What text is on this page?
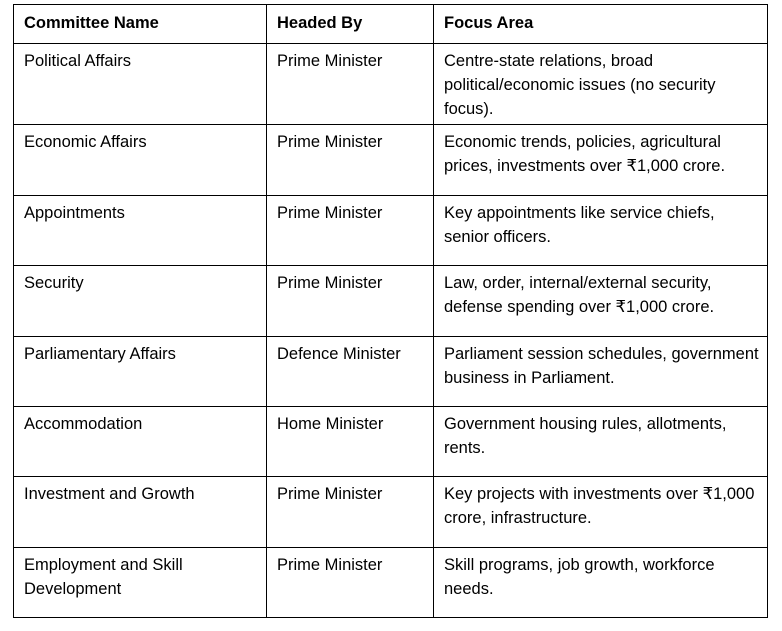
Committee Name	Headed By	Focus Area
Political Affairs	Prime Minister	Centre-state relations, broad political/economic issues (no security focus).
Economic Affairs	Prime Minister	Economic trends, policies, agricultural prices, investments over ₹1,000 crore.
Appointments	Prime Minister	Key appointments like service chiefs, senior officers.
Security	Prime Minister	Law, order, internal/external security, defense spending over ₹1,000 crore.
Parliamentary Affairs	Defence Minister	Parliament session schedules, government business in Parliament.
Accommodation	Home Minister	Government housing rules, allotments, rents.
Investment and Growth	Prime Minister	Key projects with investments over ₹1,000 crore, infrastructure.
Employment and Skill Development	Prime Minister	Skill programs, job growth, workforce needs.
